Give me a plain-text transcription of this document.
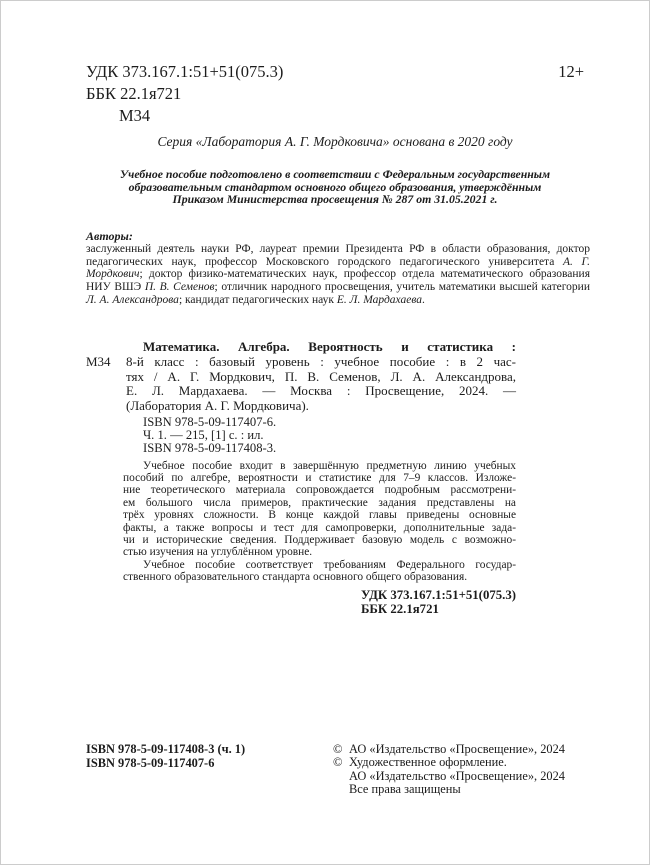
УДК 373.167.1:51+51(075.3)	12+
ББК 22.1я721
М34
Серия «Лаборатория А. Г. Мордковича» основана в 2020 году
Учебное пособие подготовлено в соответствии с Федеральным государственным образовательным стандартом основного общего образования, утверждённым Приказом Министерства просвещения № 287 от 31.05.2021 г.
Авторы:

заслуженный деятель науки РФ, лауреат премии Президента РФ в области образования, доктор педагогических наук, профессор Московского городского педагогического университета А. Г. Мордкович; доктор физико-математических наук, профессор отдела математического образования НИУ ВШЭ П. В. Семенов; отличник народного просвещения, учитель математики высшей категории Л. А. Александрова; кандидат педагогических наук Е. Л. Мардахаева.

М34
Математика. Алгебра. Вероятность и статистика :
8-й класс : базовый уровень : учебное пособие : в 2 час-
тях / А. Г. Мордкович, П. В. Семенов, Л. А. Александрова,
Е. Л. Мардахаева. — Москва : Просвещение, 2024. —
(Лаборатория А. Г. Мордковича).
ISBN 978-5-09-117407-6.
Ч. 1. — 215, [1] с. : ил.
ISBN 978-5-09-117408-3.
Учебное пособие входит в завершённую предметную линию учебных
пособий по алгебре, вероятности и статистике для 7–9 классов. Изложе-
ние теоретического материала сопровождается подробным рассмотрени-
ем большого числа примеров, практические задания представлены на
трёх уровнях сложности. В конце каждой главы приведены основные
факты, а также вопросы и тест для самопроверки, дополнительные зада-
чи и исторические сведения. Поддерживает базовую модель с возможно-
стью изучения на углублённом уровне.
Учебное пособие соответствует требованиям Федерального государ-
ственного образовательного стандарта основного общего образования.
УДК 373.167.1:51+51(075.3)
ББК 22.1я721
ISBN 978-5-09-117408-3 (ч. 1)
ISBN 978-5-09-117407-6
© АО «Издательство «Просвещение», 2024
© Художественное оформление.
АО «Издательство «Просвещение», 2024
Все права защищены
